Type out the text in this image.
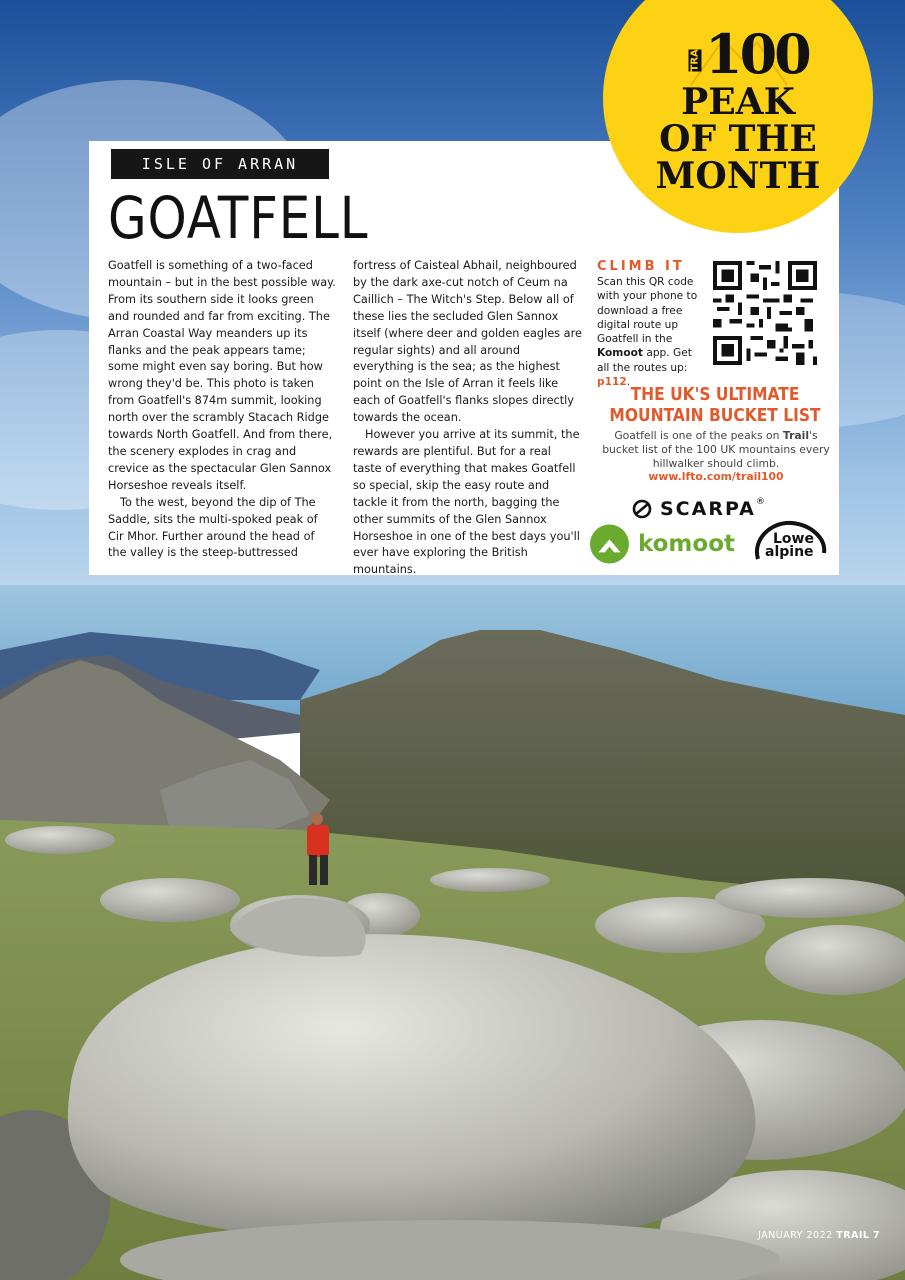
ISLE OF ARRAN
GOATFELL

Goatfell is something of a two-faced mountain – but in the best possible way. From its southern side it looks green and rounded and far from exciting. The Arran Coastal Way meanders up its flanks and the peak appears tame; some might even say boring. But how wrong they'd be. This photo is taken from Goatfell's 874m summit, looking north over the scrambly Stacach Ridge towards North Goatfell. And from there, the scenery explodes in crag and crevice as the spectacular Glen Sannox Horseshoe reveals itself.

To the west, beyond the dip of The Saddle, sits the multi-spoked peak of Cir Mhor. Further around the head of the valley is the steep-buttressed

fortress of Caisteal Abhail, neighboured by the dark axe-cut notch of Ceum na Caillich – The Witch's Step. Below all of these lies the secluded Glen Sannox itself (where deer and golden eagles are regular sights) and all around everything is the sea; as the highest point on the Isle of Arran it feels like each of Goatfell's flanks slopes directly towards the ocean.

However you arrive at its summit, the rewards are plentiful. But for a real taste of everything that makes Goatfell so special, skip the easy route and tackle it from the north, bagging the other summits of the Glen Sannox Horseshoe in one of the best days you'll ever have exploring the British mountains.

CLIMB IT
Scan this QR code with your phone to download a free digital route up Goatfell in the Komoot app. Get all the routes up: p112.
THE UK'S ULTIMATE
MOUNTAIN BUCKET LIST
Goatfell is one of the peaks on Trail's bucket list of the 100 UK mountains every hillwalker should climb.
www.lfto.com/trail100
SCARPA ®
komoot	Lowe
alpine
TRAIL 100
PEAK
OF THE
MONTH
JANUARY 2022 TRAIL 7
